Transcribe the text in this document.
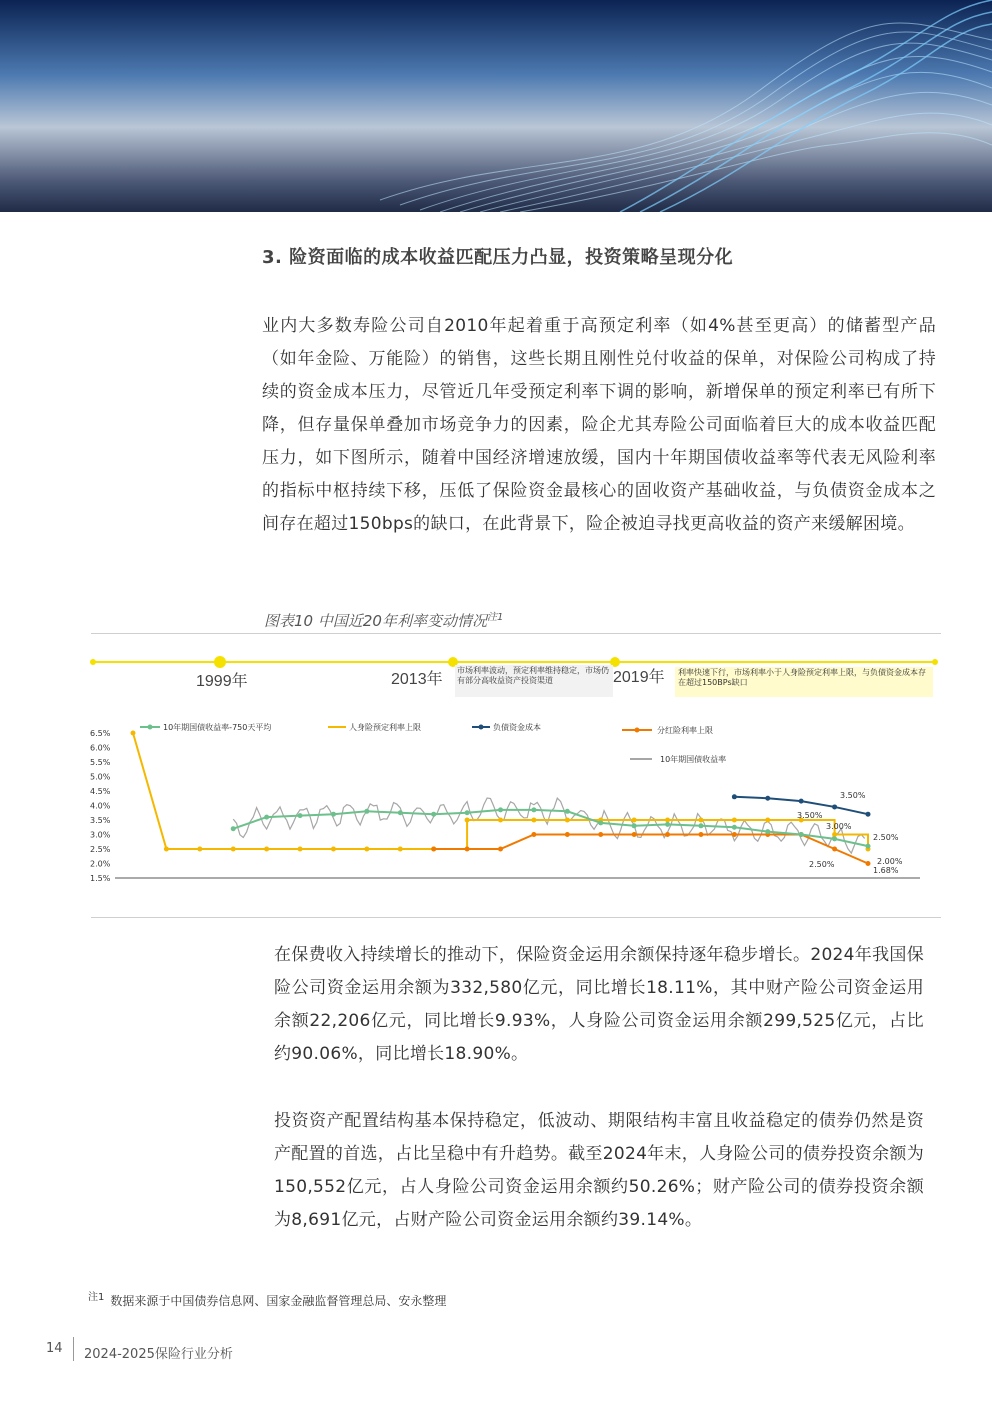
3. 险资面临的成本收益匹配压力凸显，投资策略呈现分化
业内大多数寿险公司自2010年起着重于高预定利率（如4%甚至更高）的储蓄型产品（如年金险、万能险）的销售，这些长期且刚性兑付收益的保单，对保险公司构成了持续的资金成本压力，尽管近几年受预定利率下调的影响，新增保单的预定利率已有所下降，但存量保单叠加市场竞争力的因素，险企尤其寿险公司面临着巨大的成本收益匹配压力，如下图所示，随着中国经济增速放缓，国内十年期国债收益率等代表无风险利率的指标中枢持续下移，压低了保险资金最核心的固收资产基础收益，与负债资金成本之间存在超过150bps的缺口，在此背景下，险企被迫寻找更高收益的资产来缓解困境。
图表10 中国近20年利率变动情况$^{注1}$
1999年	2013年	2019年
市场利率波动，预定利率维持稳定，市场仍有部分高收益资产投资渠道
利率快速下行，市场利率小于人身险预定利率上限，与负债资金成本存在超过150BPs缺口
10年期国债收益率-750天平均	人身险预定利率上限	负债资金成本	分红险利率上限
10年期国债收益率
6.5%
6.0%
5.5%
5.0%
4.5%
4.0%
3.5%
3.0%
2.5%
2.0%
1.5%
3.50%
3.50%
3.00%
2.50%
2.50%	2.00%
1.68%
在保费收入持续增长的推动下，保险资金运用余额保持逐年稳步增长。2024年我国保险公司资金运用余额为332,580亿元，同比增长18.11%，其中财产险公司资金运用余额22,206亿元，同比增长9.93%，人身险公司资金运用余额299,525亿元，占比约90.06%，同比增长18.90%。
投资资产配置结构基本保持稳定，低波动、期限结构丰富且收益稳定的债券仍然是资产配置的首选，占比呈稳中有升趋势。截至2024年末，人身险公司的债券投资余额为150,552亿元，占人身险公司资金运用余额约50.26%；财产险公司的债券投资余额为8,691亿元，占财产险公司资金运用余额约39.14%。
$^{注1}$ 数据来源于中国债券信息网、国家金融监督管理总局、安永整理
14 2024-2025保险行业分析
